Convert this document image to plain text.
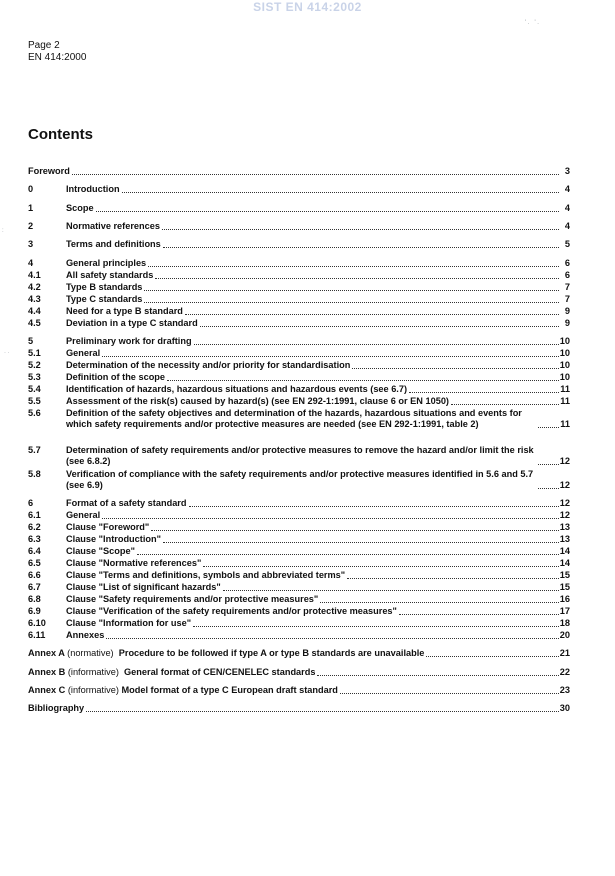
SIST EN 414:2002
Page 2
EN 414:2000
Contents
' .   ' .
:
· ·
Foreword	3
0	Introduction	4
1	Scope	4
2	Normative references	4
3	Terms and definitions	5
4	General principles	6
4.1	All safety standards	6
4.2	Type B standards	7
4.3	Type C standards	7
4.4	Need for a type B standard	9
4.5	Deviation in a type C standard	9
5	Preliminary work for drafting	10
5.1	General	10
5.2	Determination of the necessity and/or priority for standardisation	10
5.3	Definition of the scope	10
5.4	Identification of hazards, hazardous situations and hazardous events (see 6.7)	11
5.5	Assessment of the risk(s) caused by hazard(s) (see EN 292-1:1991, clause 6 or EN 1050)	11
5.6	Definition of the safety objectives and determination of the hazards, hazardous situations and events for which safety requirements and/or protective measures are needed (see EN 292-1:1991, table 2)	11
5.7	Determination of safety requirements and/or protective measures to remove the hazard and/or limit the risk (see 6.8.2)	12
5.8	Verification of compliance with the safety requirements and/or protective measures identified in 5.6 and 5.7 (see 6.9)	12
6	Format of a safety standard	12
6.1	General	12
6.2	Clause "Foreword"	13
6.3	Clause "Introduction"	13
6.4	Clause "Scope"	14
6.5	Clause "Normative references"	14
6.6	Clause "Terms and definitions, symbols and abbreviated terms"	15
6.7	Clause "List of significant hazards"	15
6.8	Clause "Safety requirements and/or protective measures"	16
6.9	Clause "Verification of the safety requirements and/or protective measures"	17
6.10	Clause "Information for use"	18
6.11	Annexes	20
Annex A (normative) Procedure to be followed if type A or type B standards are unavailable	21
Annex B (informative) General format of CEN/CENELEC standards	22
Annex C (informative) Model format of a type C European draft standard	23
Bibliography	30
